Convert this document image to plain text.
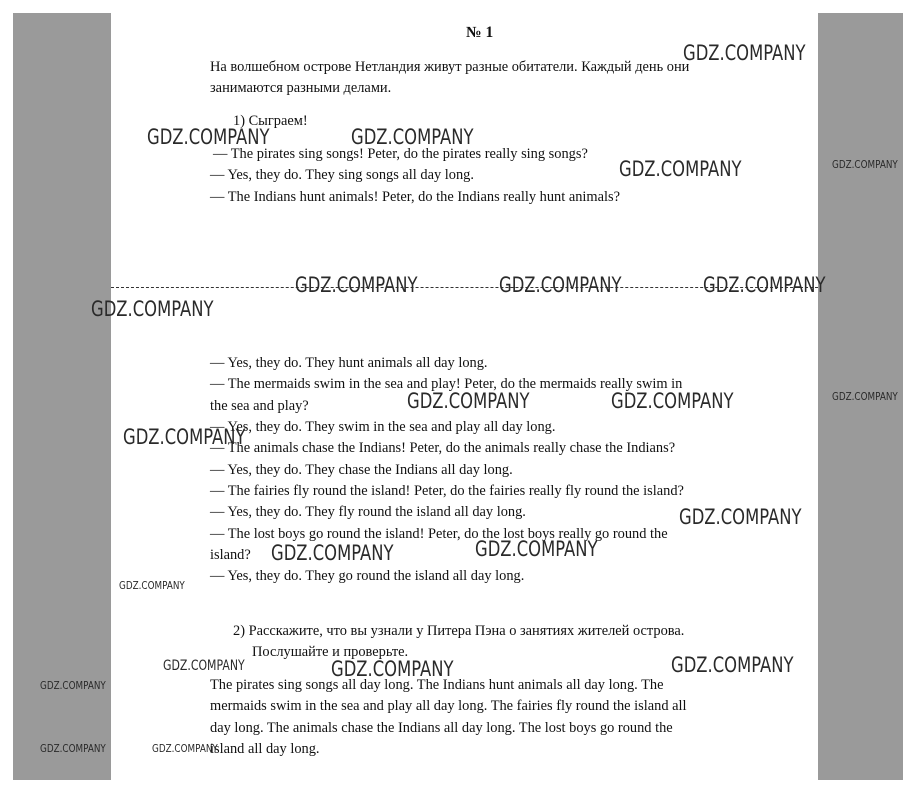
№ 1
На волшебном острове Нетландия живут разные обитатели. Каждый день они
занимаются разными делами.
1) Сыграем!
— The pirates sing songs! Peter, do the pirates really sing songs?
— Yes, they do. They sing songs all day long.
— The Indians hunt animals! Peter, do the Indians really hunt animals?
— Yes, they do. They hunt animals all day long.
— The mermaids swim in the sea and play! Peter, do the mermaids really swim in
the sea and play?
— Yes, they do. They swim in the sea and play all day long.
— The animals chase the Indians! Peter, do the animals really chase the Indians?
— Yes, they do. They chase the Indians all day long.
— The fairies fly round the island! Peter, do the fairies really fly round the island?
— Yes, they do. They fly round the island all day long.
— The lost boys go round the island! Peter, do the lost boys really go round the
island?
— Yes, they do. They go round the island all day long.
2) Расскажите, что вы узнали у Питера Пэна о занятиях жителей острова.
Послушайте и проверьте.
The pirates sing songs all day long. The Indians hunt animals all day long. The
mermaids swim in the sea and play all day long. The fairies fly round the island all
day long. The animals chase the Indians all day long. The lost boys go round the
island all day long.
GDZ.COMPANY
GDZ.COMPANY	GDZ.COMPANY
GDZ.COMPANY	GDZ.COMPANY
GDZ.COMPANY	GDZ.COMPANY	GDZ.COMPANY
GDZ.COMPANY
GDZ.COMPANY
GDZ.COMPANY	GDZ.COMPANY
GDZ.COMPANY
GDZ.COMPANY
GDZ.COMPANY	GDZ.COMPANY
GDZ.COMPANY
GDZ.COMPANY	GDZ.COMPANY	GDZ.COMPANY
GDZ.COMPANY
GDZ.COMPANY	GDZ.COMPANY
